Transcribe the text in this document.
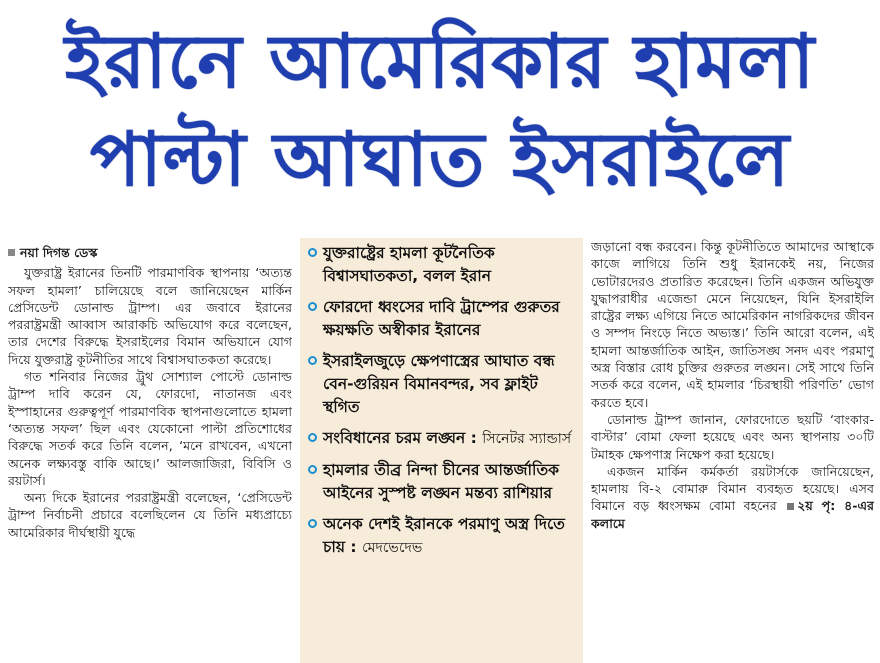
ইরানে আমেরিকার হামলা
পাল্টা আঘাত ইসরাইলে
নয়া দিগন্ত ডেস্ক

যুক্তরাষ্ট্র ইরানের তিনটি পারমাণবিক স্থাপনায় ‘অত্যন্ত সফল হামলা’ চালিয়েছে বলে জানিয়েছেন মার্কিন প্রেসিডেন্ট ডোনাল্ড ট্রাম্প। এর জবাবে ইরানের পররাষ্ট্রমন্ত্রী আব্বাস আরাকচি অভিযোগ করে বলেছেন, তার দেশের বিরুদ্ধে ইসরাইলের বিমান অভিযানে যোগ দিয়ে যুক্তরাষ্ট্র কূটনীতির সাথে বিশ্বাসঘাতকতা করেছে।

গত শনিবার নিজের ট্রুথ সোশ্যাল পোস্টে ডোনাল্ড ট্রাম্প দাবি করেন যে, ফোরদো, নাতানজ এবং ইস্পাহানের গুরুত্বপূর্ণ পারমাণবিক স্থাপনাগুলোতে হামলা ‘অত্যন্ত সফল’ ছিল এবং যেকোনো পাল্টা প্রতিশোধের বিরুদ্ধে সতর্ক করে তিনি বলেন, ‘মনে রাখবেন, এখনো অনেক লক্ষ্যবস্তু বাকি আছে।’ আলজাজিরা, বিবিসি ও রয়টার্স।

অন্য দিকে ইরানের পররাষ্ট্রমন্ত্রী বলেছেন, ‘প্রেসিডেন্ট ট্রাম্প নির্বাচনী প্রচারে বলেছিলেন যে তিনি মধ্যপ্রাচ্যে আমেরিকার দীর্ঘস্থায়ী যুদ্ধে

যুক্তরাষ্ট্রের হামলা কূটনৈতিক বিশ্বাসঘাতকতা, বলল ইরান
ফোরদো ধ্বংসের দাবি ট্রাম্পের গুরুতর ক্ষয়ক্ষতি অস্বীকার ইরানের
ইসরাইলজুড়ে ক্ষেপণাস্ত্রের আঘাত বন্ধ বেন-গুরিয়ন বিমানবন্দর, সব ফ্লাইট স্থগিত
সংবিধানের চরম লঙ্ঘন : সিনেটর স্যান্ডার্স
হামলার তীব্র নিন্দা চীনের আন্তর্জাতিক আইনের সুস্পষ্ট লঙ্ঘন মন্তব্য রাশিয়ার
অনেক দেশই ইরানকে পরমাণু অস্ত্র দিতে চায় : মেদভেদেভ

জড়ানো বন্ধ করবেন। কিন্তু কূটনীতিতে আমাদের আস্থাকে কাজে লাগিয়ে তিনি শুধু ইরানকেই নয়, নিজের ভোটারদেরও প্রতারিত করেছেন। তিনি একজন অভিযুক্ত যুদ্ধাপরাধীর এজেন্ডা মেনে নিয়েছেন, যিনি ইসরাইলি রাষ্ট্রের লক্ষ্য এগিয়ে নিতে আমেরিকান নাগরিকদের জীবন ও সম্পদ নিংড়ে নিতে অভ্যস্ত।’ তিনি আরো বলেন, এই হামলা আন্তর্জাতিক আইন, জাতিসঙ্ঘ সনদ এবং পরমাণু অস্ত্র বিস্তার রোধ চুক্তির গুরুতর লঙ্ঘন। সেই সাথে তিনি সতর্ক করে বলেন, এই হামলার ‘চিরস্থায়ী পরিণতি’ ভোগ করতে হবে।

ডোনাল্ড ট্রাম্প জানান, ফোরদোতে ছয়টি ‘বাংকার-বাস্টার’ বোমা ফেলা হয়েছে এবং অন্য স্থাপনায় ৩০টি টমাহক ক্ষেপণাস্ত্র নিক্ষেপ করা হয়েছে।

একজন মার্কিন কর্মকর্তা রয়টার্সকে জানিয়েছেন, হামলায় বি-২ বোমারু বিমান ব্যবহৃত হয়েছে। এসব বিমানে বড় ধ্বংসক্ষম বোমা বহনের ২য় পৃ: ৪-এর কলামে
